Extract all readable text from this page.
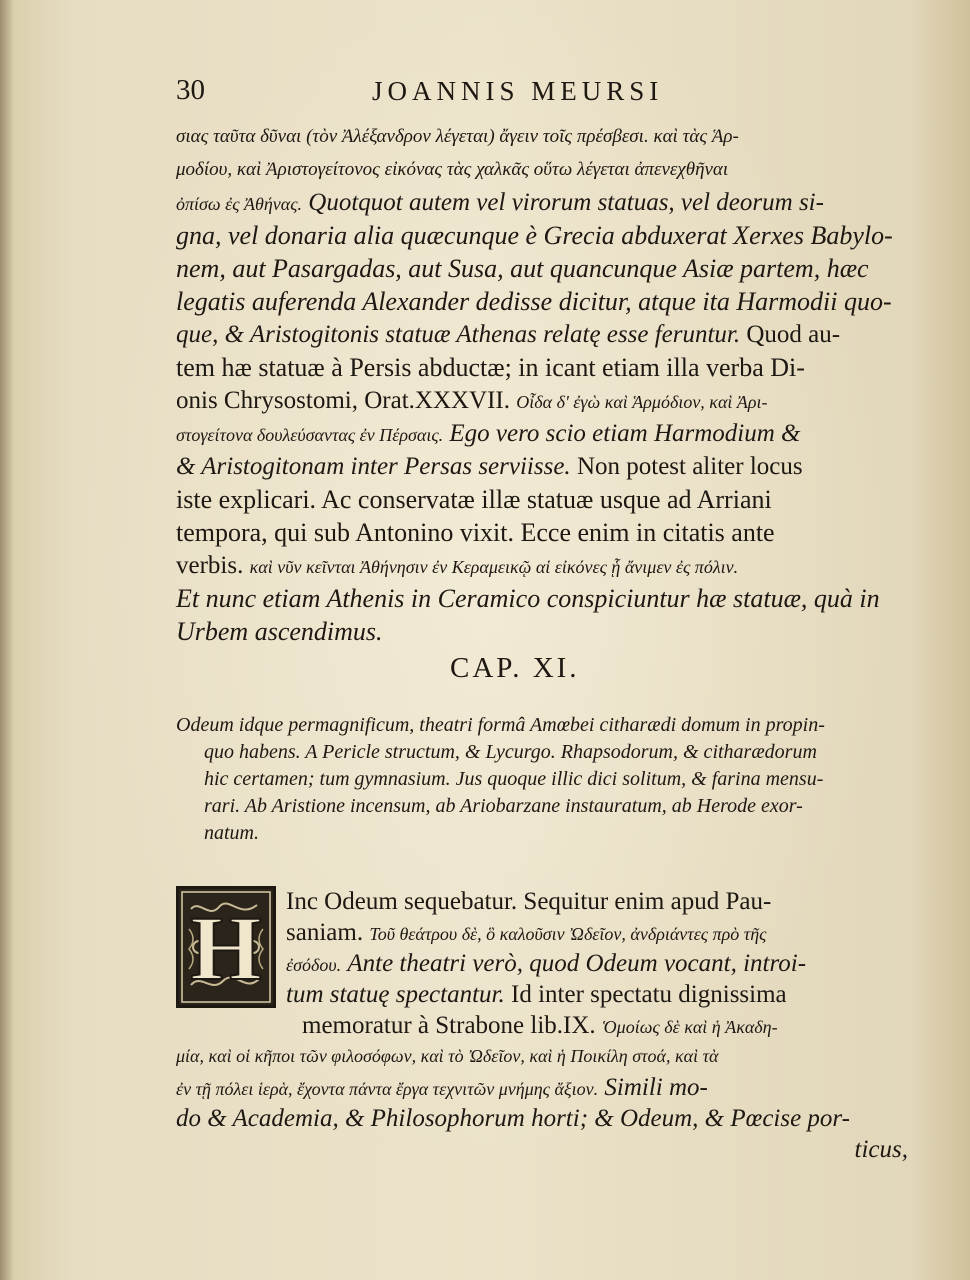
30	JOANNIS MEURSI
σιας ταῦτα δῦναι (τὸν Ἀλέξανδρον λέγεται) ἄγειν τοῖς πρέσβεσι. καὶ τὰς Ἁρ-
μοδίου, καὶ Ἀριστογείτονος εἰκόνας τὰς χαλκᾶς οὕτω λέγεται ἀπενεχθῆναι
ὀπίσω ἐς Ἀθήνας. Quotquot autem vel virorum statuas, vel deorum si-
gna, vel donaria alia quæcunque è Grecia abduxerat Xerxes Babylo-
nem, aut Pasargadas, aut Susa, aut quancunque Asiæ partem, hæc
legatis auferenda Alexander dedisse dicitur, atque ita Harmodii quo-
que, & Aristogitonis statuæ Athenas relatę esse feruntur. Quod au-
tem hæ statuæ à Persis abductæ; in icant etiam illa verba Di-
onis Chrysostomi, Orat.XXXVII. Οἶδα δ' ἐγὼ καὶ Ἁρμόδιον, καὶ Ἀρι-
στογείτονα δουλεύσαντας ἐν Πέρσαις. Ego vero scio etiam Harmodium &
& Aristogitonam inter Persas serviisse. Non potest aliter locus
iste explicari. Ac conservatæ illæ statuæ usque ad Arriani
tempora, qui sub Antonino vixit. Ecce enim in citatis ante
verbis. καὶ νῦν κεῖνται Ἀθήνησιν ἐν Κεραμεικῷ αἱ εἰκόνες ᾗ ἄνιμεν ἐς πόλιν.
Et nunc etiam Athenis in Ceramico conspiciuntur hæ statuæ, quà in
Urbem ascendimus.
CAP. XI.
Odeum idque permagnificum, theatri formâ Amœbei citharædi domum in propin-
quo habens. A Pericle structum, & Lycurgo. Rhapsodorum, & citharædorum
hic certamen; tum gymnasium. Jus quoque illic dici solitum, & farina mensu-
rari. Ab Aristione incensum, ab Ariobarzane instauratum, ab Herode exor-
natum.
H Inc Odeum sequebatur. Sequitur enim apud Pau-
saniam. Τοῦ θεάτρου δὲ, ὃ καλοῦσιν Ὠδεῖον, ἀνδριάντες πρὸ τῆς
ἐσόδου. Ante theatri verò, quod Odeum vocant, introi-
tum statuę spectantur. Id inter spectatu dignissima
memoratur à Strabone lib.IX. Ὁμοίως δὲ καὶ ἡ Ἀκαδη-
μία, καὶ οἱ κῆποι τῶν φιλοσόφων, καὶ τὸ Ὠδεῖον, καὶ ἡ Ποικίλη στοά, καὶ τὰ
ἐν τῇ πόλει ἱερὰ, ἔχοντα πάντα ἔργα τεχνιτῶν μνήμης ἄξιον. Simili mo-
do & Academia, & Philosophorum horti; & Odeum, & Pœcise por-
ticus,
